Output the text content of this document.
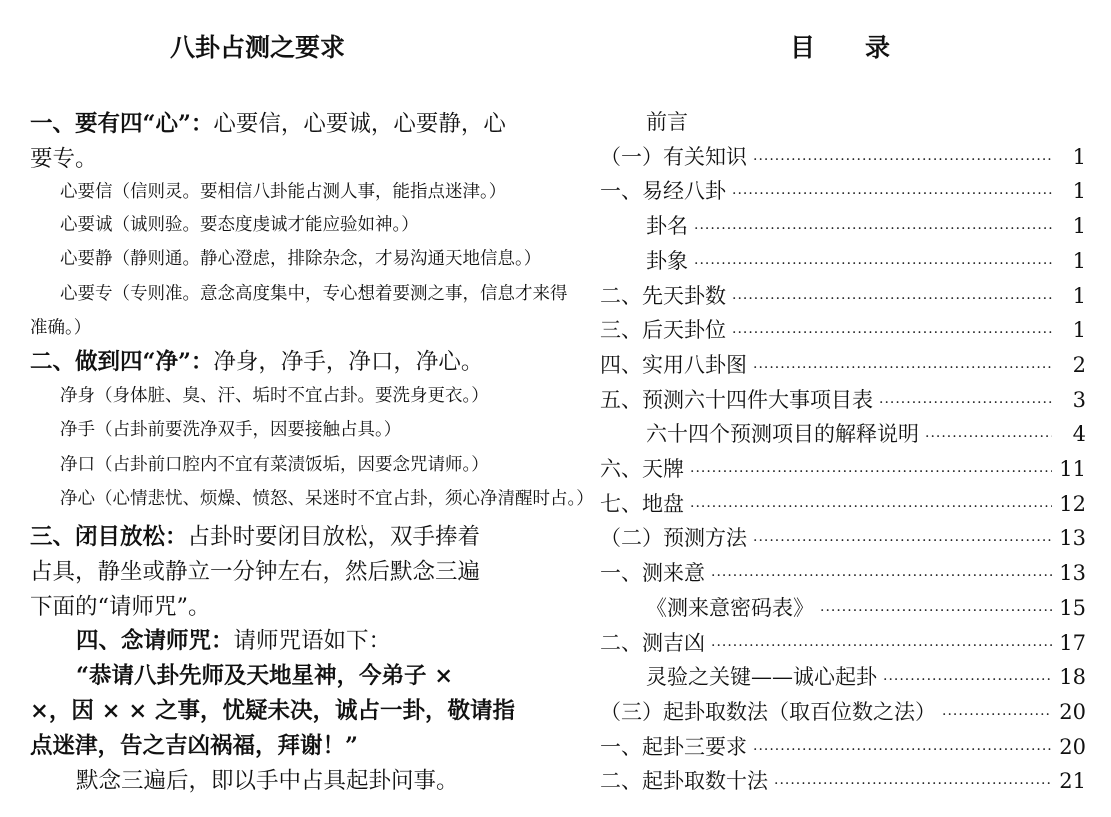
八卦占测之要求
一、要有四“心”：心要信，心要诚，心要静，心
要专。
心要信（信则灵。要相信八卦能占测人事，能指点迷津。）
心要诚（诚则验。要态度虔诚才能应验如神。）
心要静（静则通。静心澄虑，排除杂念，才易沟通天地信息。）
心要专（专则准。意念高度集中，专心想着要测之事，信息才来得
准确。）
二、做到四“净”：净身，净手，净口，净心。
净身（身体脏、臭、汗、垢时不宜占卦。要洗身更衣。）
净手（占卦前要洗净双手，因要接触占具。）
净口（占卦前口腔内不宜有菜渍饭垢，因要念咒请师。）
净心（心情悲忧、烦燥、愤怒、呆迷时不宜占卦，须心净清醒时占。）
三、闭目放松：占卦时要闭目放松，双手捧着
占具，静坐或静立一分钟左右，然后默念三遍
下面的“请师咒”。
四、念请师咒：请师咒语如下：
“恭请八卦先师及天地星神，今弟子 ×
×，因 × × 之事，忧疑未决，诚占一卦，敬请指
点迷津，告之吉凶祸福，拜谢！”
默念三遍后，即以手中占具起卦问事。
目　　录
前言
（一）有关知识 ·····	1
一、易经八卦 ·····	1
卦名 ·····	1
卦象 ·····	1
二、先天卦数 ·····	1
三、后天卦位 ·····	1
四、实用八卦图 ·····	2
五、预测六十四件大事项目表 ·····	3
六十四个预测项目的解释说明 ·····	4
六、天牌 ·····	11
七、地盘 ·····	12
（二）预测方法 ·····	13
一、测来意 ·····	13
《测来意密码表》 ·····	15
二、测吉凶 ·····	17
灵验之关键——诚心起卦 ·····	18
（三）起卦取数法（取百位数之法） ·····	20
一、起卦三要求 ·····	20
二、起卦取数十法 ·····	21
